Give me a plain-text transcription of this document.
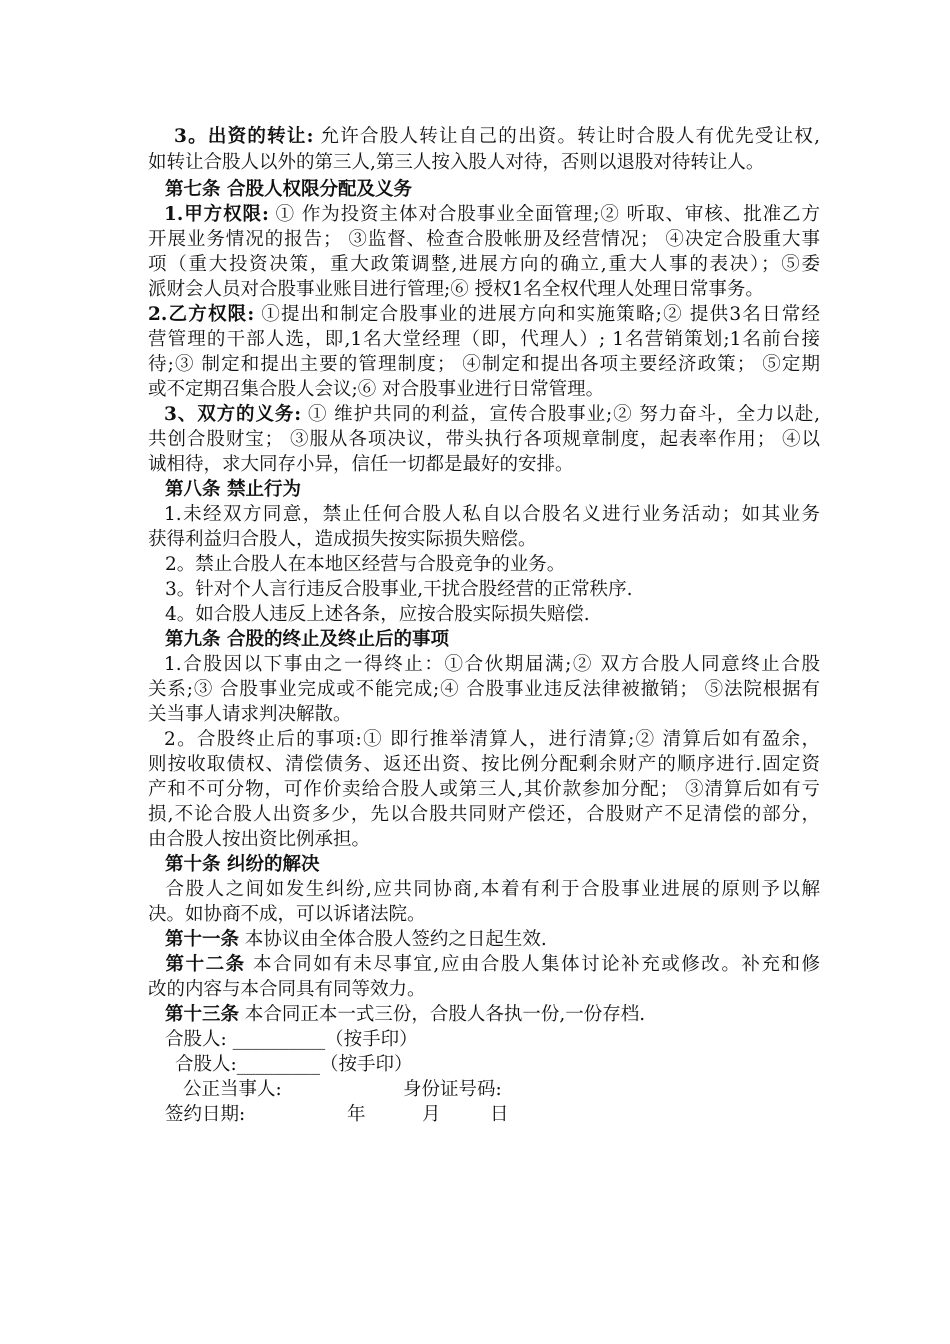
3。出资的转让: 允许合股人转让自己的出资。转让时合股人有优先受让权,
如转让合股人以外的第三人,第三人按入股人对待，否则以退股对待转让人。
第七条 合股人权限分配及义务
1.甲方权限: ① 作为投资主体对合股事业全面管理;② 听取、审核、批准乙方
开展业务情况的报告； ③监督、检查合股帐册及经营情况； ④决定合股重大事
项（重大投资决策，重大政策调整,进展方向的确立,重大人事的表决）；⑤委
派财会人员对合股事业账目进行管理;⑥ 授权1名全权代理人处理日常事务。
2.乙方权限: ①提出和制定合股事业的进展方向和实施策略;② 提供3名日常经
营管理的干部人选，即,1名大堂经理（即，代理人）; 1名营销策划;1名前台接
待;③ 制定和提出主要的管理制度； ④制定和提出各项主要经济政策； ⑤定期
或不定期召集合股人会议;⑥ 对合股事业进行日常管理。
3、双方的义务: ① 维护共同的利益，宣传合股事业;② 努力奋斗，全力以赴,
共创合股财宝； ③服从各项决议，带头执行各项规章制度，起表率作用； ④以
诚相待，求大同存小异，信任一切都是最好的安排。
第八条 禁止行为
1.未经双方同意，禁止任何合股人私自以合股名义进行业务活动；如其业务
获得利益归合股人，造成损失按实际损失赔偿。
2。禁止合股人在本地区经营与合股竞争的业务。
3。针对个人言行违反合股事业,干扰合股经营的正常秩序.
4。如合股人违反上述各条，应按合股实际损失赔偿.
第九条 合股的终止及终止后的事项
1.合股因以下事由之一得终止：①合伙期届满;② 双方合股人同意终止合股
关系;③ 合股事业完成或不能完成;④ 合股事业违反法律被撤销； ⑤法院根据有
关当事人请求判决解散。
2。合股终止后的事项:① 即行推举清算人，进行清算;② 清算后如有盈余，
则按收取债权、清偿债务、返还出资、按比例分配剩余财产的顺序进行.固定资
产和不可分物，可作价卖给合股人或第三人,其价款参加分配； ③清算后如有亏
损,不论合股人出资多少，先以合股共同财产偿还，合股财产不足清偿的部分，
由合股人按出资比例承担。
第十条 纠纷的解决
合股人之间如发生纠纷,应共同协商,本着有利于合股事业进展的原则予以解
决。如协商不成，可以诉诸法院。
第十一条 本协议由全体合股人签约之日起生效.
第十二条 本合同如有未尽事宜,应由合股人集体讨论补充或修改。补充和修
改的内容与本合同具有同等效力。
第十三条 本合同正本一式三份，合股人各执一份,一份存档.
合股人: __________（按手印）
合股人:_________（按手印）
公正当事人:	身份证号码:
签约日期:	年	月	日
